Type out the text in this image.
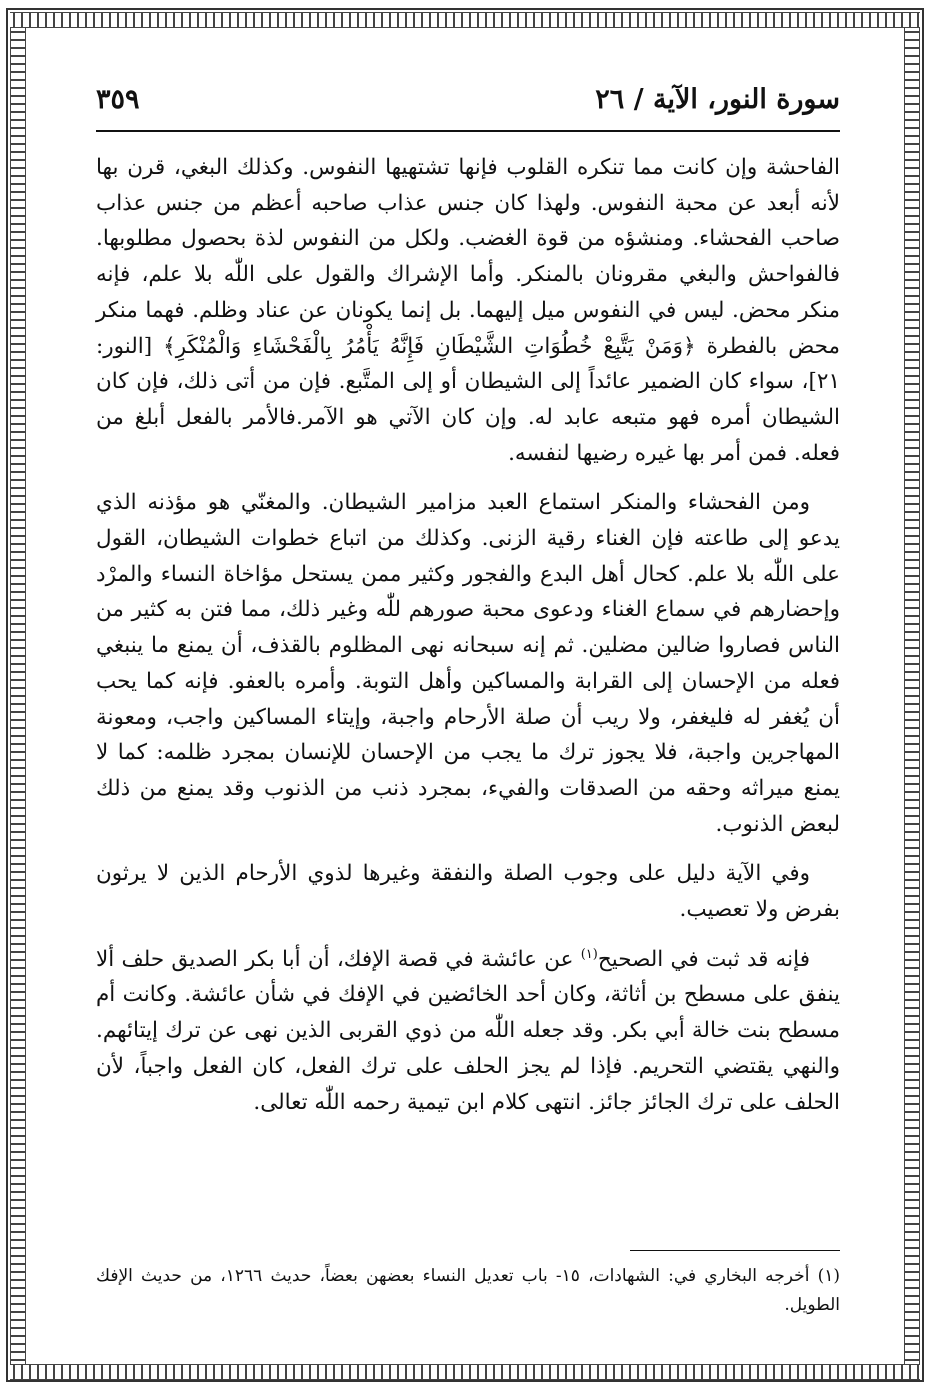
سورة النور، الآية / ٢٦
٣٥٩

الفاحشة وإن كانت مما تنكره القلوب فإنها تشتهيها النفوس. وكذلك البغي، قرن بها لأنه أبعد عن محبة النفوس. ولهذا كان جنس عذاب صاحبه أعظم من جنس عذاب صاحب الفحشاء. ومنشؤه من قوة الغضب. ولكل من النفوس لذة بحصول مطلوبها. فالفواحش والبغي مقرونان بالمنكر. وأما الإشراك والقول على اللّٰه بلا علم، فإنه منكر محض. ليس في النفوس ميل إليهما. بل إنما يكونان عن عناد وظلم. فهما منكر محض بالفطرة ﴿وَمَنْ يَتَّبِعْ خُطُوَاتِ الشَّيْطَانِ فَإِنَّهُ يَأْمُرُ بِالْفَحْشَاءِ وَالْمُنْكَرِ﴾ [النور: ٢١]، سواء كان الضمير عائداً إلى الشيطان أو إلى المتَّبع. فإن من أتى ذلك، فإن كان الشيطان أمره فهو متبعه عابد له. وإن كان الآتي هو الآمر.فالأمر بالفعل أبلغ من فعله. فمن أمر بها غيره رضيها لنفسه.

ومن الفحشاء والمنكر استماع العبد مزامير الشيطان. والمغنّي هو مؤذنه الذي يدعو إلى طاعته فإن الغناء رقية الزنى. وكذلك من اتباع خطوات الشيطان، القول على اللّٰه بلا علم. كحال أهل البدع والفجور وكثير ممن يستحل مؤاخاة النساء والمرْد وإحضارهم في سماع الغناء ودعوى محبة صورهم للّٰه وغير ذلك، مما فتن به كثير من الناس فصاروا ضالين مضلين. ثم إنه سبحانه نهى المظلوم بالقذف، أن يمنع ما ينبغي فعله من الإحسان إلى القرابة والمساكين وأهل التوبة. وأمره بالعفو. فإنه كما يحب أن يُغفر له فليغفر، ولا ريب أن صلة الأرحام واجبة، وإيتاء المساكين واجب، ومعونة المهاجرين واجبة، فلا يجوز ترك ما يجب من الإحسان للإنسان بمجرد ظلمه: كما لا يمنع ميراثه وحقه من الصدقات والفيء، بمجرد ذنب من الذنوب وقد يمنع من ذلك لبعض الذنوب.

وفي الآية دليل على وجوب الصلة والنفقة وغيرها لذوي الأرحام الذين لا يرثون بفرض ولا تعصيب.

فإنه قد ثبت في الصحيح$^{(١)}$ عن عائشة في قصة الإفك، أن أبا بكر الصديق حلف ألا ينفق على مسطح بن أثاثة، وكان أحد الخائضين في الإفك في شأن عائشة. وكانت أم مسطح بنت خالة أبي بكر. وقد جعله اللّٰه من ذوي القربى الذين نهى عن ترك إيتائهم. والنهي يقتضي التحريم. فإذا لم يجز الحلف على ترك الفعل، كان الفعل واجباً، لأن الحلف على ترك الجائز جائز. انتهى كلام ابن تيمية رحمه اللّٰه تعالى.

(١) أخرجه البخاري في: الشهادات، ١٥- باب تعديل النساء بعضهن بعضاً، حديث ١٢٦٦، من حديث الإفك الطويل.
